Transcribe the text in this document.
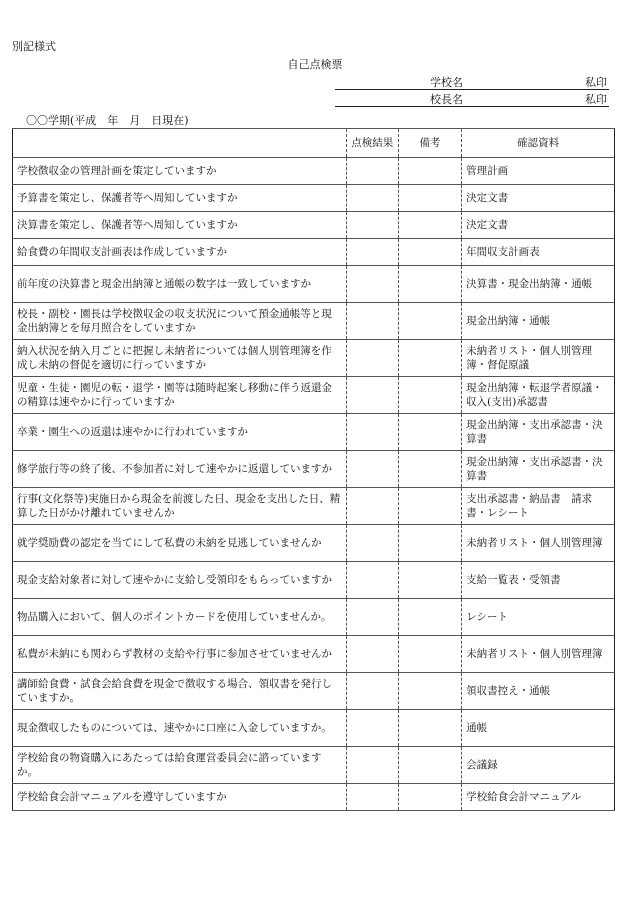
別記様式
自己点検票
学校名	私印
校長名	私印
〇〇学期(平成　年　月　日現在)
	点検結果	備考	確認資料
学校徴収金の管理計画を策定していますか			管理計画
予算書を策定し、保護者等へ周知していますか			決定文書
決算書を策定し、保護者等へ周知していますか			決定文書
給食費の年間収支計画表は作成していますか			年間収支計画表
前年度の決算書と現金出納簿と通帳の数字は一致していますか			決算書・現金出納簿・通帳
校長・副校・園長は学校徴収金の収支状況について預金通帳等と現金出納簿とを毎月照合をしていますか			現金出納簿・通帳
納入状況を納入月ごとに把握し未納者については個人別管理簿を作成し未納の督促を適切に行っていますか			未納者リスト・個人別管理簿・督促原議
児童・生徒・園児の転・退学・園等は随時起案し移動に伴う返還金の精算は速やかに行っていますか			現金出納簿・転退学者原議・収入(支出)承認書
卒業・園生への返還は速やかに行われていますか			現金出納簿・支出承認書・決算書
修学旅行等の終了後、不参加者に対して速やかに返還していますか			現金出納簿・支出承認書・決算書
行事(文化祭等)実施日から現金を前渡した日、現金を支出した日、精算した日がかけ離れていませんか			支出承認書・納品書　請求書・レシート
就学奨励費の認定を当てにして私費の未納を見逃していませんか			未納者リスト・個人別管理簿
現金支給対象者に対して速やかに支給し受領印をもらっていますか			支給一覧表・受領書
物品購入において、個人のポイントカードを使用していませんか。			レシート
私費が未納にも関わらず教材の支給や行事に参加させていませんか			未納者リスト・個人別管理簿
講師給食費・試食会給食費を現金で徴収する場合、領収書を発行していますか。			領収書控え・通帳
現金徴収したものについては、速やかに口座に入金していますか。			通帳
学校給食の物資購入にあたっては給食運営委員会に諮っていますか。			会議録
学校給食会計マニュアルを遵守していますか			学校給食会計マニュアル
